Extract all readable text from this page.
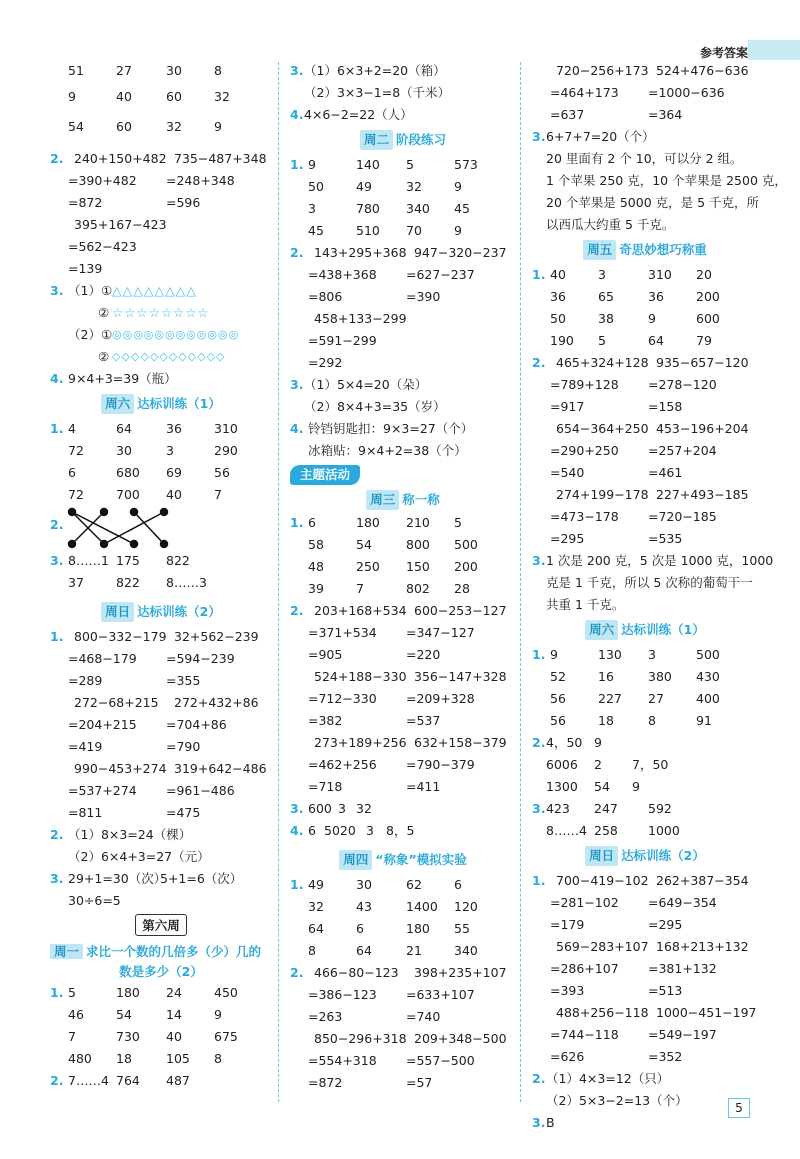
参考答案
51	27	30	8
9	40	60	32
54	60	32	9
2. 240+150+482 735−487+348
=390+482 =248+348
=872	=596
395+167−423
=562−423
=139
3. （1）① △△△△△△△△
② ☆☆☆☆☆☆☆☆
（2）① ◎◎◎◎◎◎◎◎◎◎◎◎
② ◇◇◇◇◇◇◇◇◇◇◇◇
4. 9×4+3=39（瓶）
周六 达标训练（1）
1. 4	64	36	310
72	30	3	290
6	680 69	56
72	700 40	7
2.
3. 8……1 175 822
37	822 8……3
周日 达标训练（2）
1. 800−332−179 32+562−239
=468−179 =594−239
=289	=355
272−68+215 272+432+86
=204+215 =704+86
=419	=790
990−453+274 319+642−486
=537+274 =961−486
=811	=475
2. （1）8×3=24（棵）
（2）6×4+3=27（元）
3. 29+1=30（次）
5+1=6（次）
30÷6=5
第六周
周一 求比一个数的几倍多（少）几的
数是多少（2）
1. 5	180 24	450
46	54	14	9
7	730 40	675
480 18	105 8
2. 7……4 764 487
3. （1）6×3+2=20（箱）
（2）3×3−1=8（千米）
4. 4×6−2=22（人）
周二 阶段练习
1. 9	140 5	573
50	49	32	9
3	780 340 45
45	510 70	9
2. 143+295+368 947−320−237
=438+368 =627−237
=806	=390
458+133−299
=591−299
=292
3. （1）5×4=20（朵）
（2）8×4+3=35（岁）
4. 铃铛钥匙扣：9×3=27（个）
冰箱贴：9×4+2=38（个）
主题活动
周三 称一称
1. 6	180 210 5
58	54	800 500
48	250 150 200
39	7	802 28
2. 203+168+534 600−253−127
=371+534 =347−127
=905	=220
524+188−330 356−147+328
=712−330 =209+328
=382	=537
273+189+256 632+158−379
=462+256 =790−379
=718	=411
3. 600 3 32
4. 6 5020 3 8，5
周四 “称象”模拟实验
1. 49	30	62	6
32	43	1400 120
64	6	180 55
8	64	21	340
2. 466−80−123 398+235+107
=386−123 =633+107
=263	=740
850−296+318 209+348−500
=554+318 =557−500
=872	=57
720−256+173 524+476−636
=464+173 =1000−636
=637	=364
3. 6+7+7=20（个）
20 里面有 2 个 10，可以分 2 组。
1 个苹果 250 克，10 个苹果是 2500 克，
20 个苹果是 5000 克，是 5 千克，所
以西瓜大约重 5 千克。
周五 奇思妙想巧称重
1. 40	3	310 20
36	65	36	200
50	38	9	600
190 5	64	79
2. 465+324+128 935−657−120
=789+128 =278−120
=917	=158
654−364+250 453−196+204
=290+250 =257+204
=540	=461
274+199−178 227+493−185
=473−178 =720−185
=295	=535
3. 1 次是 200 克，5 次是 1000 克，1000
克是 1 千克，所以 5 次称的葡萄干一
共重 1 千克。
周六 达标训练（1）
1. 9	130 3	500
52	16	380 430
56	227 27	400
56	18	8	91
2. 4，50 9
6006 2 7，50
1300 54 9
3. 423 247 592
8……4 258 1000
周日 达标训练（2）
1. 700−419−102 262+387−354
=281−102 =649−354
=179	=295
569−283+107 168+213+132
=286+107 =381+132
=393	=513
488+256−118 1000−451−197
=744−118 =549−197
=626	=352
2. （1）4×3=12（只）
（2）5×3−2=13（个）
3. B
5
